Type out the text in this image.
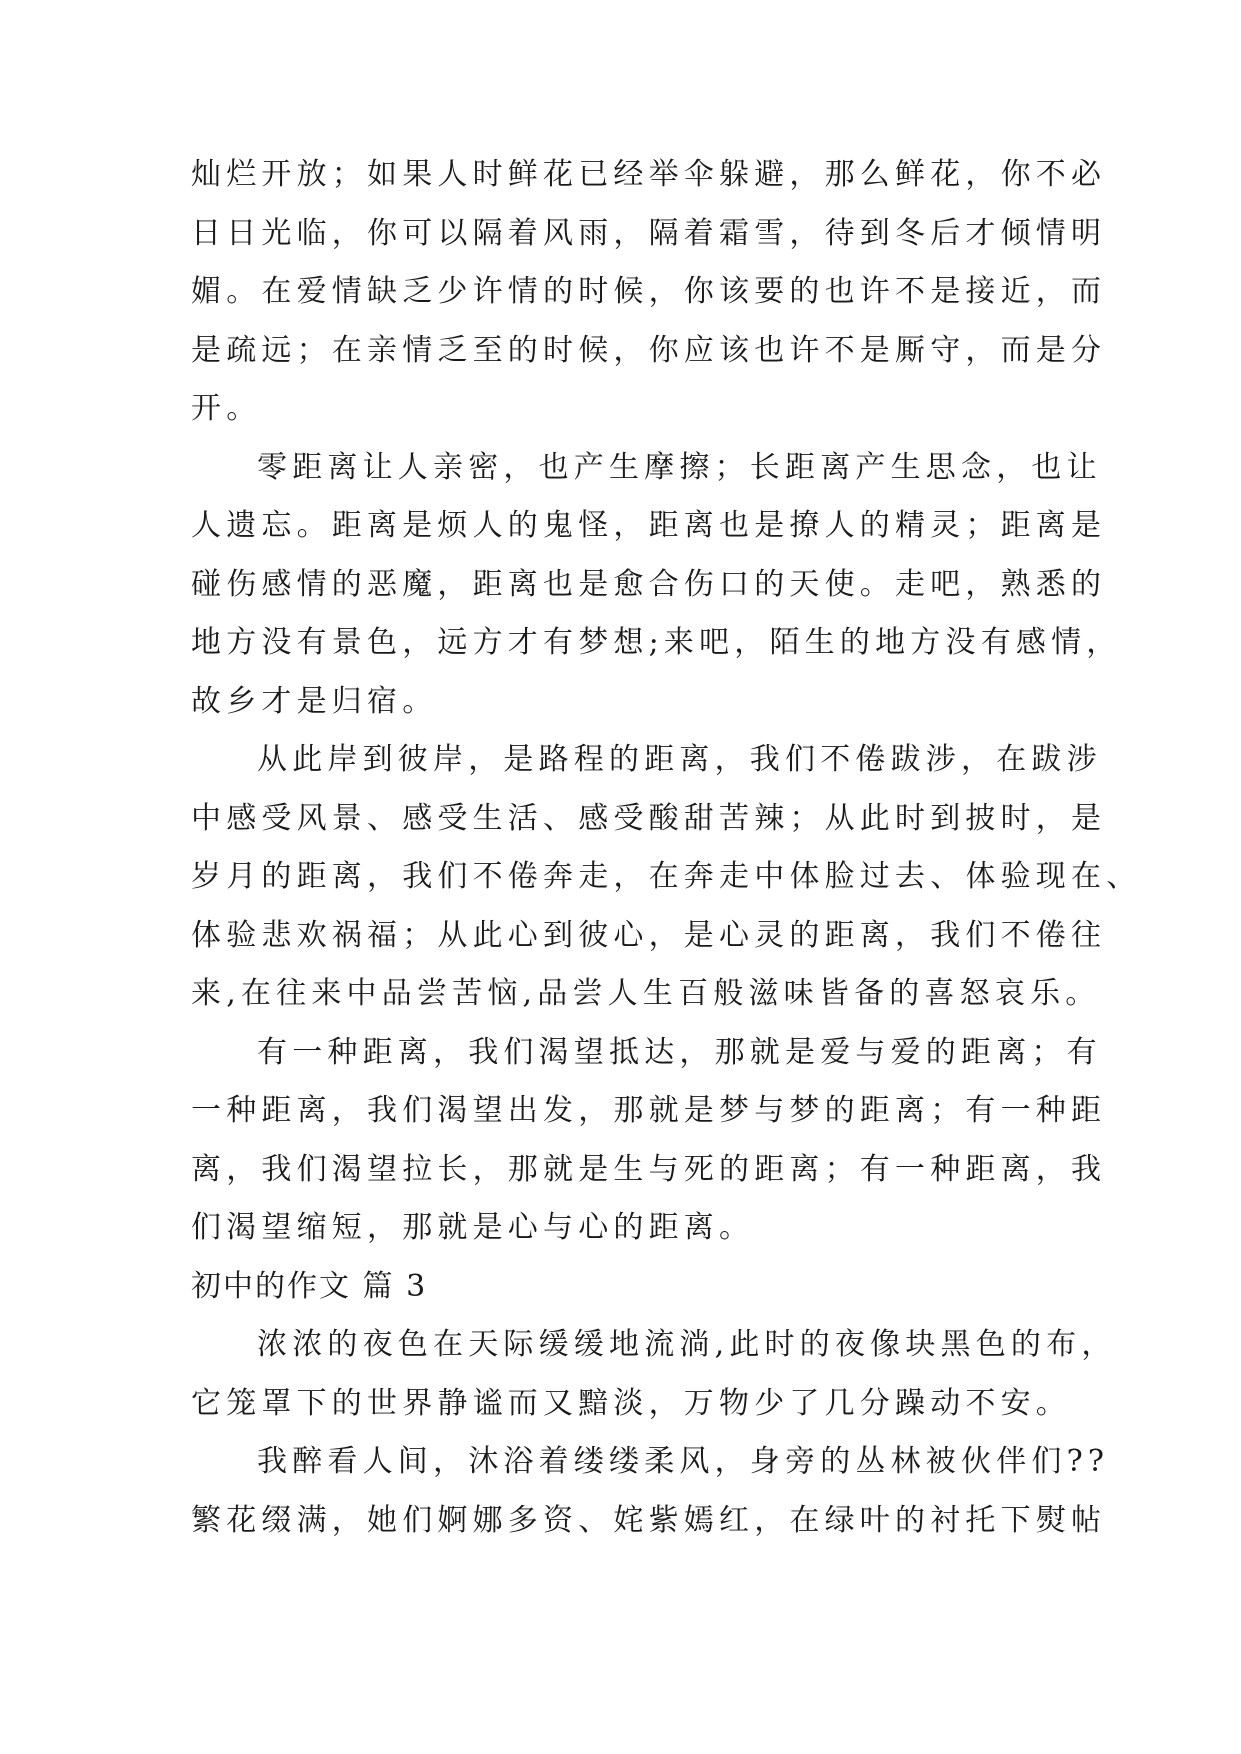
灿烂开放；如果人时鲜花已经举伞躲避，那么鲜花，你不必
日日光临，你可以隔着风雨，隔着霜雪，待到冬后才倾情明
媚。在爱情缺乏少许情的时候，你该要的也许不是接近，而
是疏远；在亲情乏至的时候，你应该也许不是厮守，而是分
开。
零距离让人亲密，也产生摩擦；长距离产生思念，也让
人遗忘。距离是烦人的鬼怪，距离也是撩人的精灵；距离是
碰伤感情的恶魔，距离也是愈合伤口的天使。走吧，熟悉的
地方没有景色，远方才有梦想;来吧，陌生的地方没有感情，
故乡才是归宿。
从此岸到彼岸，是路程的距离，我们不倦跋涉，在跋涉
中感受风景、感受生活、感受酸甜苦辣；从此时到披时，是
岁月的距离，我们不倦奔走，在奔走中体脸过去、体验现在、
体验悲欢祸福；从此心到彼心，是心灵的距离，我们不倦往
来,在往来中品尝苦恼,品尝人生百般滋味皆备的喜怒哀乐。
有一种距离，我们渴望抵达，那就是爱与爱的距离；有
一种距离，我们渴望出发，那就是梦与梦的距离；有一种距
离，我们渴望拉长，那就是生与死的距离；有一种距离，我
们渴望缩短，那就是心与心的距离。
初中的作文 篇 3
浓浓的夜色在天际缓缓地流淌,此时的夜像块黑色的布，
它笼罩下的世界静谧而又黯淡，万物少了几分躁动不安。
我醉看人间，沐浴着缕缕柔风，身旁的丛林被伙伴们??
繁花缀满，她们婀娜多资、姹紫嫣红，在绿叶的衬托下熨帖
